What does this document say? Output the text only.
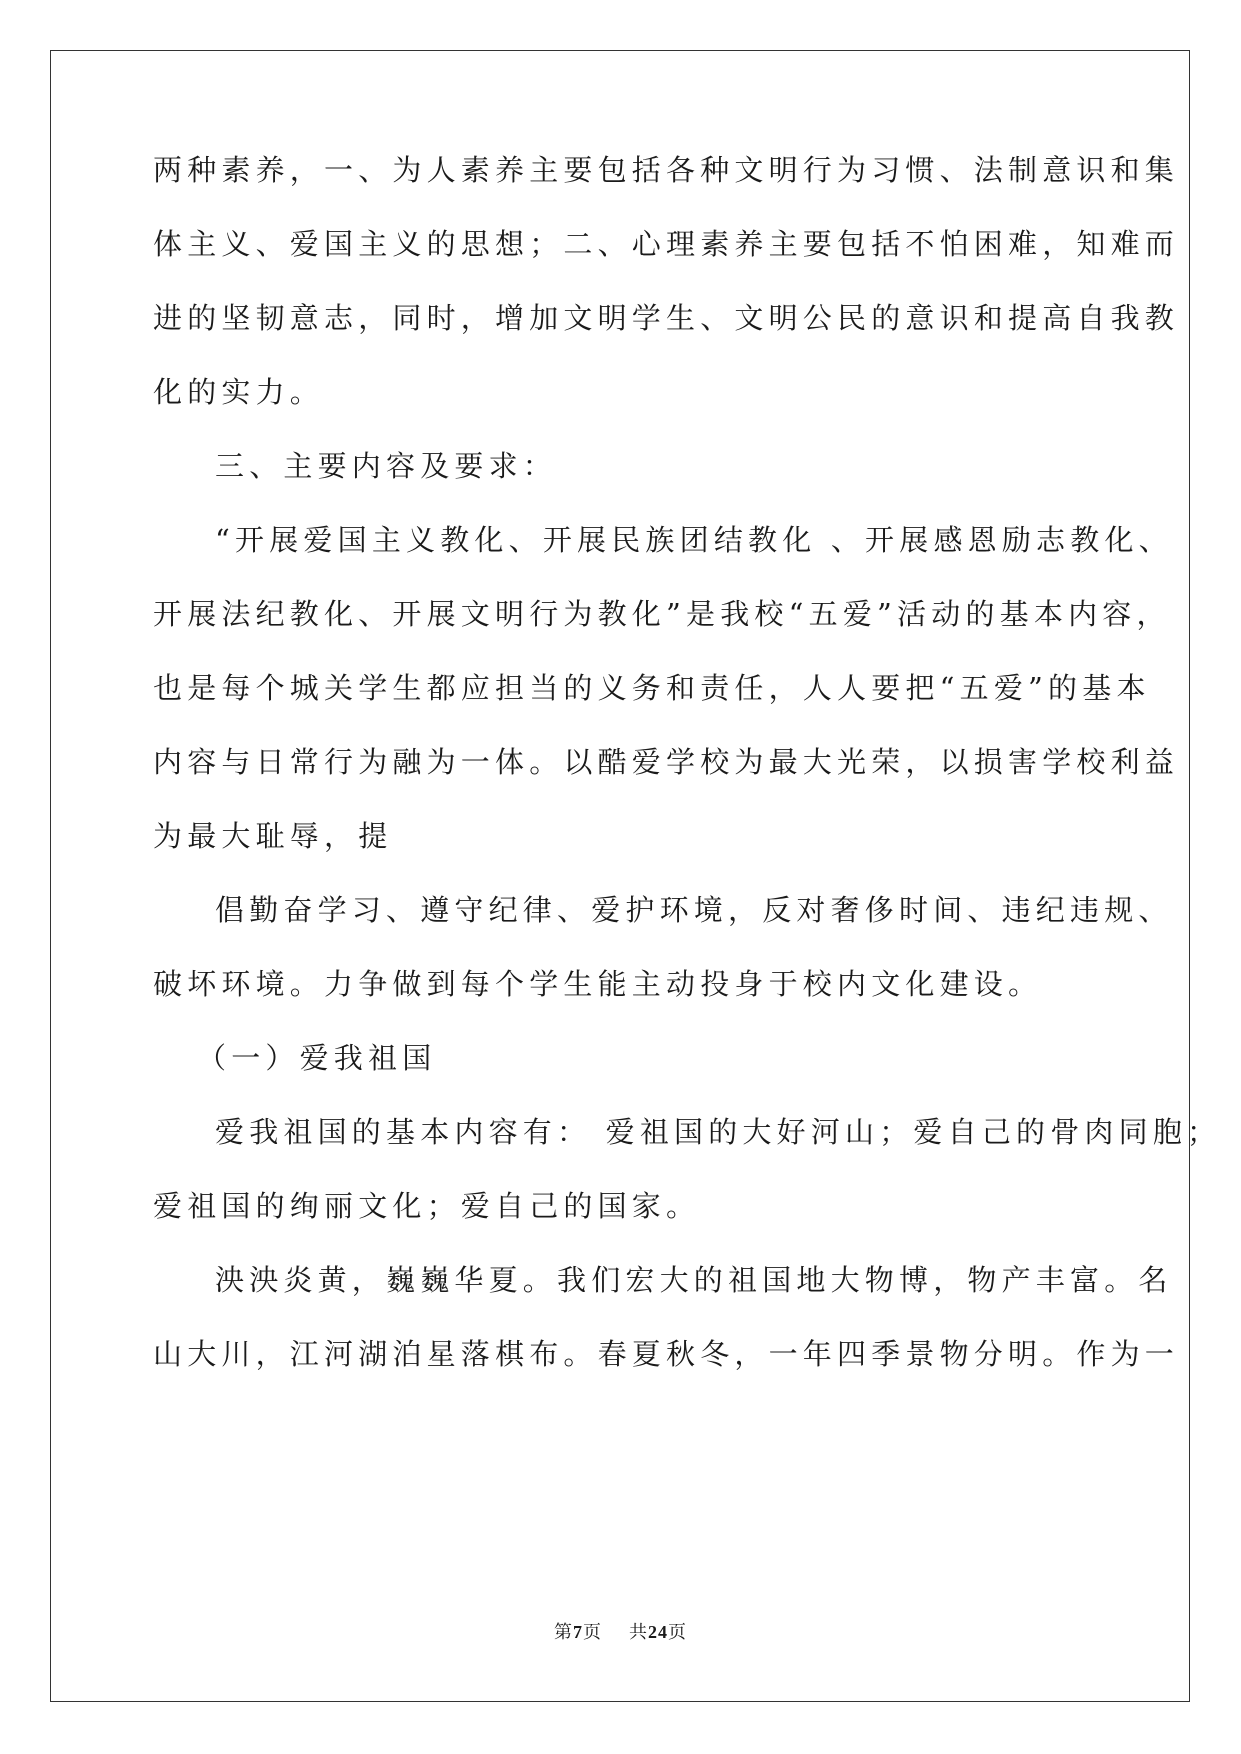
两种素养，一、为人素养主要包括各种文明行为习惯、法制意识和集
体主义、爱国主义的思想；二、心理素养主要包括不怕困难，知难而
进的坚韧意志，同时，增加文明学生、文明公民的意识和提高自我教
化的实力。
三、主要内容及要求：
“开展爱国主义教化、开展民族团结教化 、开展感恩励志教化、
开展法纪教化、开展文明行为教化”是我校“五爱”活动的基本内容，
也是每个城关学生都应担当的义务和责任，人人要把“五爱”的基本
内容与日常行为融为一体。以酷爱学校为最大光荣，以损害学校利益
为最大耻辱，提
倡勤奋学习、遵守纪律、爱护环境，反对奢侈时间、违纪违规、
破坏环境。力争做到每个学生能主动投身于校内文化建设。
（一）爱我祖国
爱我祖国的基本内容有： 爱祖国的大好河山；爱自己的骨肉同胞；
爱祖国的绚丽文化；爱自己的国家。
泱泱炎黄，巍巍华夏。我们宏大的祖国地大物博，物产丰富。名
山大川，江河湖泊星落棋布。春夏秋冬，一年四季景物分明。作为一
第7页 共24页
